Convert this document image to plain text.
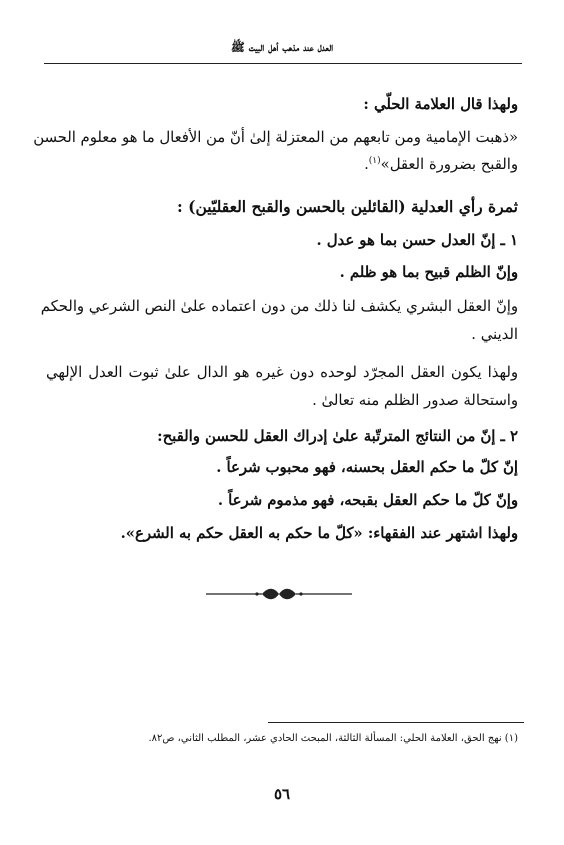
العدل عند مذهب أهل البيت ﷺ
ولهذا قال العلامة الحلّي :
«ذهبت الإمامية ومن تابعهم من المعتزلة إلىٰ أنّ من الأفعال ما هو معلوم الحسن
والقبح بضرورة العقل»$^{(١)}$.
ثمرة رأي العدلية (القائلين بالحسن والقبح العقليّين) :
١ ـ إنّ العدل حسن بما هو عدل .
وإنّ الظلم قبيح بما هو ظلم .
وإنّ العقل البشري يكشف لنا ذلك من دون اعتماده علىٰ النص الشرعي والحكم
الديني .
ولهذا يكون العقل المجرّد لوحده دون غيره هو الدال علىٰ ثبوت العدل الإلهي
واستحالة صدور الظلم منه تعالىٰ .
٢ ـ إنّ من النتائج المترتّبة علىٰ إدراك العقل للحسن والقبح:
إنّ كلّ ما حكم العقل بحسنه، فهو محبوب شرعاً .
وإنّ كلّ ما حكم العقل بقبحه، فهو مذموم شرعاً .
ولهذا اشتهر عند الفقهاء: «كلّ ما حكم به العقل حكم به الشرع».
(١) نهج الحق، العلامة الحلي: المسألة الثالثة، المبحث الحادي عشر، المطلب الثاني، ص٨٢.
٥٦
